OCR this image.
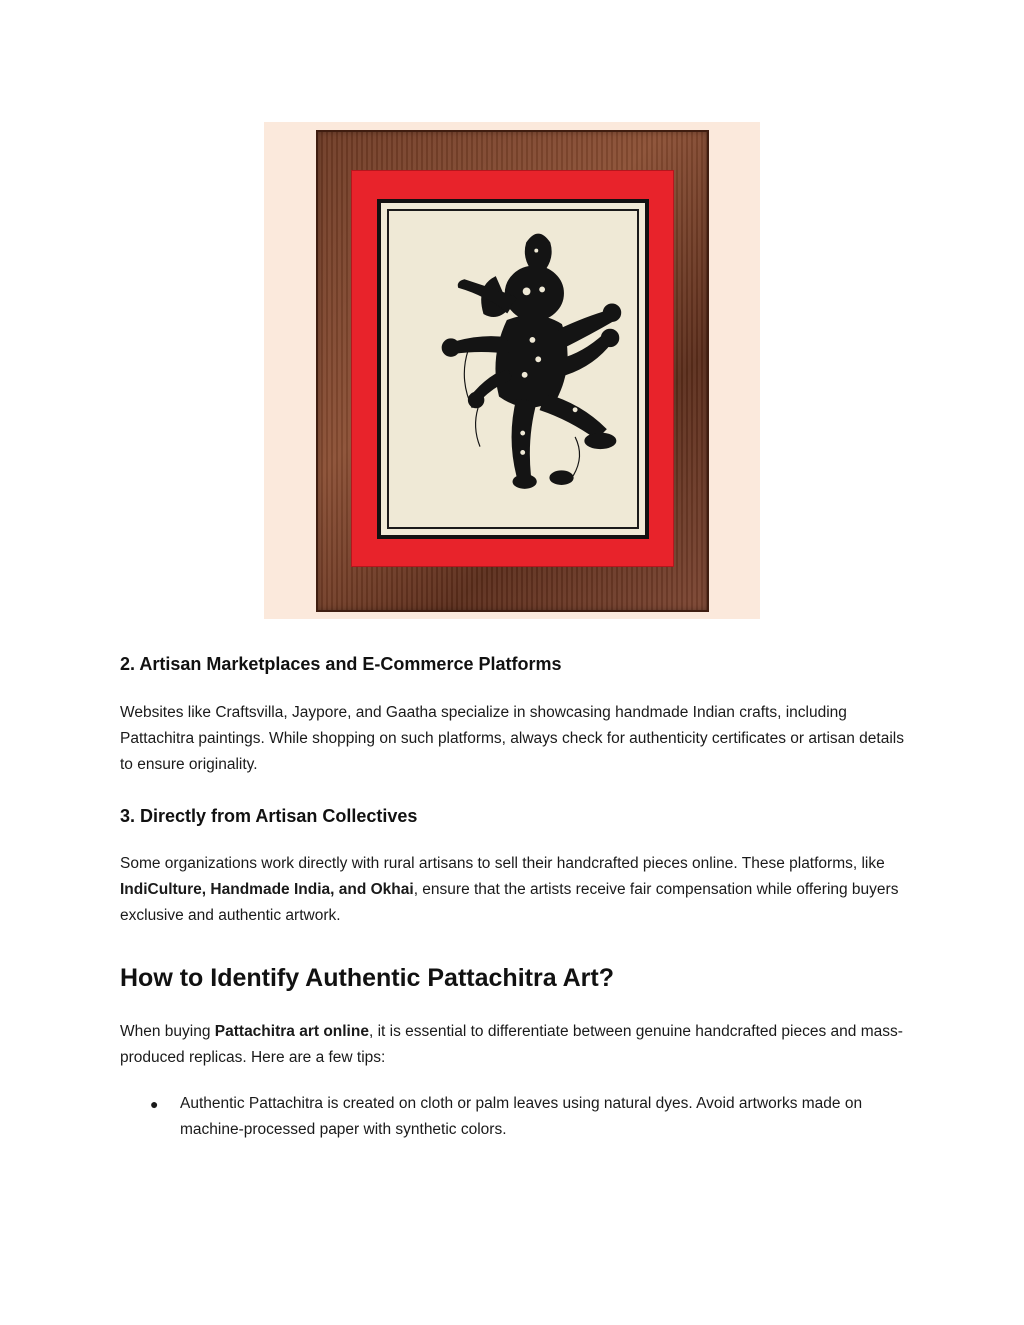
2. Artisan Marketplaces and E-Commerce Platforms

Websites like Craftsvilla, Jaypore, and Gaatha specialize in showcasing handmade Indian crafts, including Pattachitra paintings. While shopping on such platforms, always check for authenticity certificates or artisan details to ensure originality.

3. Directly from Artisan Collectives

Some organizations work directly with rural artisans to sell their handcrafted pieces online. These platforms, like IndiCulture, Handmade India, and Okhai, ensure that the artists receive fair compensation while offering buyers exclusive and authentic artwork.

How to Identify Authentic Pattachitra Art?

When buying Pattachitra art online, it is essential to differentiate between genuine handcrafted pieces and mass-produced replicas. Here are a few tips:

● Authentic Pattachitra is created on cloth or palm leaves using natural dyes. Avoid artworks made on machine-processed paper with synthetic colors.
